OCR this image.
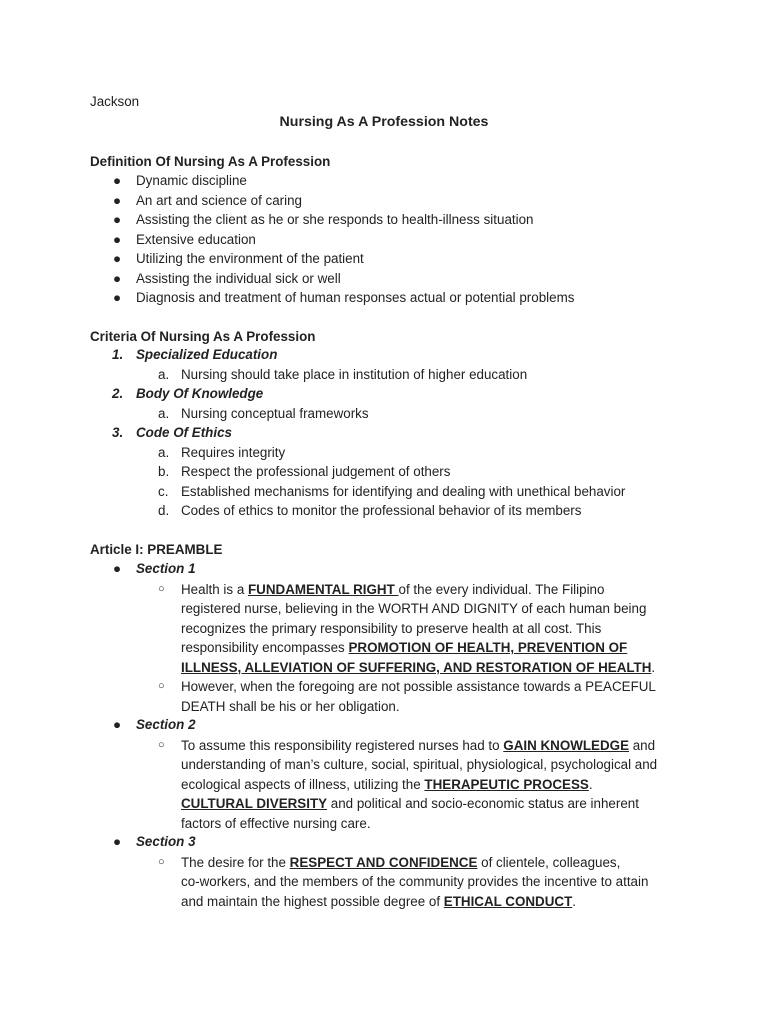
Jackson
Nursing As A Profession Notes
Definition Of Nursing As A Profession
● Dynamic discipline
● An art and science of caring
● Assisting the client as he or she responds to health-illness situation
● Extensive education
● Utilizing the environment of the patient
● Assisting the individual sick or well
● Diagnosis and treatment of human responses actual or potential problems
Criteria Of Nursing As A Profession
1. Specialized Education
a. Nursing should take place in institution of higher education
2. Body Of Knowledge
a. Nursing conceptual frameworks
3. Code Of Ethics
a. Requires integrity
b. Respect the professional judgement of others
c. Established mechanisms for identifying and dealing with unethical behavior
d. Codes of ethics to monitor the professional behavior of its members
Article I: PREAMBLE
● Section 1
○ Health is a FUNDAMENTAL RIGHT of the every individual. The Filipino
registered nurse, believing in the WORTH AND DIGNITY of each human being
recognizes the primary responsibility to preserve health at all cost. This
responsibility encompasses PROMOTION OF HEALTH, PREVENTION OF
ILLNESS, ALLEVIATION OF SUFFERING, AND RESTORATION OF HEALTH.
○ However, when the foregoing are not possible assistance towards a PEACEFUL
DEATH shall be his or her obligation.
● Section 2
○ To assume this responsibility registered nurses had to GAIN KNOWLEDGE and
understanding of man’s culture, social, spiritual, physiological, psychological and
ecological aspects of illness, utilizing the THERAPEUTIC PROCESS.
CULTURAL DIVERSITY and political and socio-economic status are inherent
factors of effective nursing care.
● Section 3
○ The desire for the RESPECT AND CONFIDENCE of clientele, colleagues,
co-workers, and the members of the community provides the incentive to attain
and maintain the highest possible degree of ETHICAL CONDUCT.
